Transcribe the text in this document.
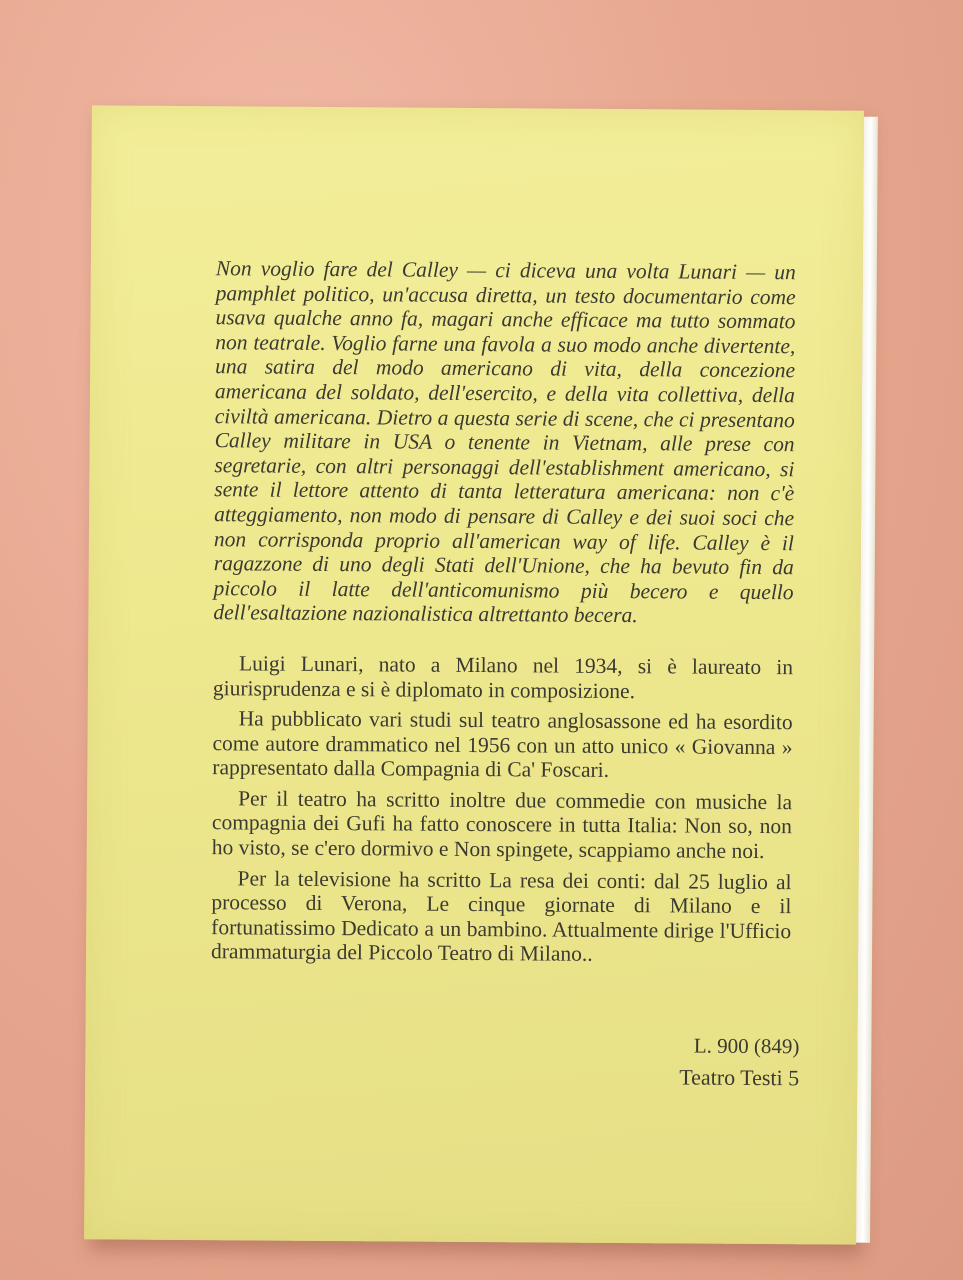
Non voglio fare del Calley — ci diceva una volta Lunari — un pamphlet politico, un'accusa diretta, un testo documentario come usava qualche anno fa, magari anche efficace ma tutto sommato non teatrale. Voglio farne una favola a suo modo anche divertente, una satira del modo americano di vita, della concezione americana del soldato, dell'esercito, e della vita collettiva, della civiltà americana. Dietro a questa serie di scene, che ci presentano Calley militare in USA o tenente in Vietnam, alle prese con segretarie, con altri personaggi dell'establishment americano, si sente il lettore attento di tanta letteratura americana: non c'è atteggiamento, non modo di pensare di Calley e dei suoi soci che non corrisponda proprio all'american way of life. Calley è il ragazzone di uno degli Stati dell'Unione, che ha bevuto fin da piccolo il latte dell'anticomunismo più becero e quello dell'esaltazione nazionalistica altrettanto becera.

Luigi Lunari, nato a Milano nel 1934, si è laureato in giurisprudenza e si è diplomato in composizione.

Ha pubblicato vari studi sul teatro anglosassone ed ha esordito come autore drammatico nel 1956 con un atto unico « Giovanna » rappresentato dalla Compagnia di Ca' Foscari.

Per il teatro ha scritto inoltre due commedie con musiche la compagnia dei Gufi ha fatto conoscere in tutta Italia: Non so, non ho visto, se c'ero dormivo e Non spingete, scappiamo anche noi.

Per la televisione ha scritto La resa dei conti: dal 25 luglio al processo di Verona, Le cinque giornate di Milano e il fortunatissimo Dedicato a un bambino. Attualmente dirige l'Ufficio drammaturgia del Piccolo Teatro di Milano..

L. 900 (849)
Teatro Testi 5
